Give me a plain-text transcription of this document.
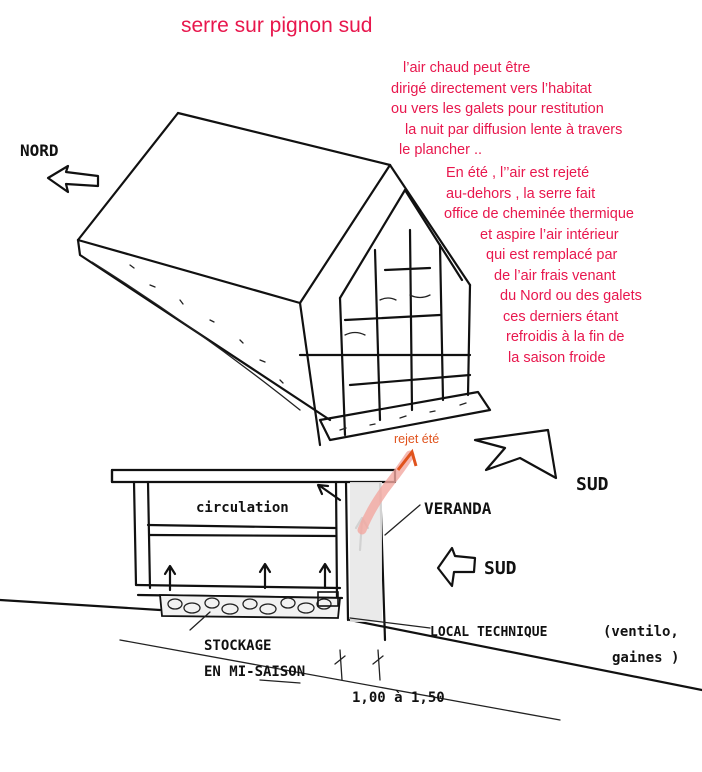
NORD
SUD
SUD
VERANDA
circulation
LOCAL TECHNIQUE	(ventilo,
gaines )
STOCKAGE
EN MI-SAISON
1,00 à 1,50
serre sur pignon sud
l’air chaud peut être
dirigé directement vers l’habitat
ou vers les galets pour restitution
la nuit par diffusion lente à travers
le plancher ..
En été , l’’air est rejeté
au-dehors , la serre fait
office de cheminée thermique
et aspire l’air intérieur
qui est remplacé par
de l’air frais venant
du Nord ou des galets
ces derniers étant
refroidis à la fin de
la saison froide
rejet été
